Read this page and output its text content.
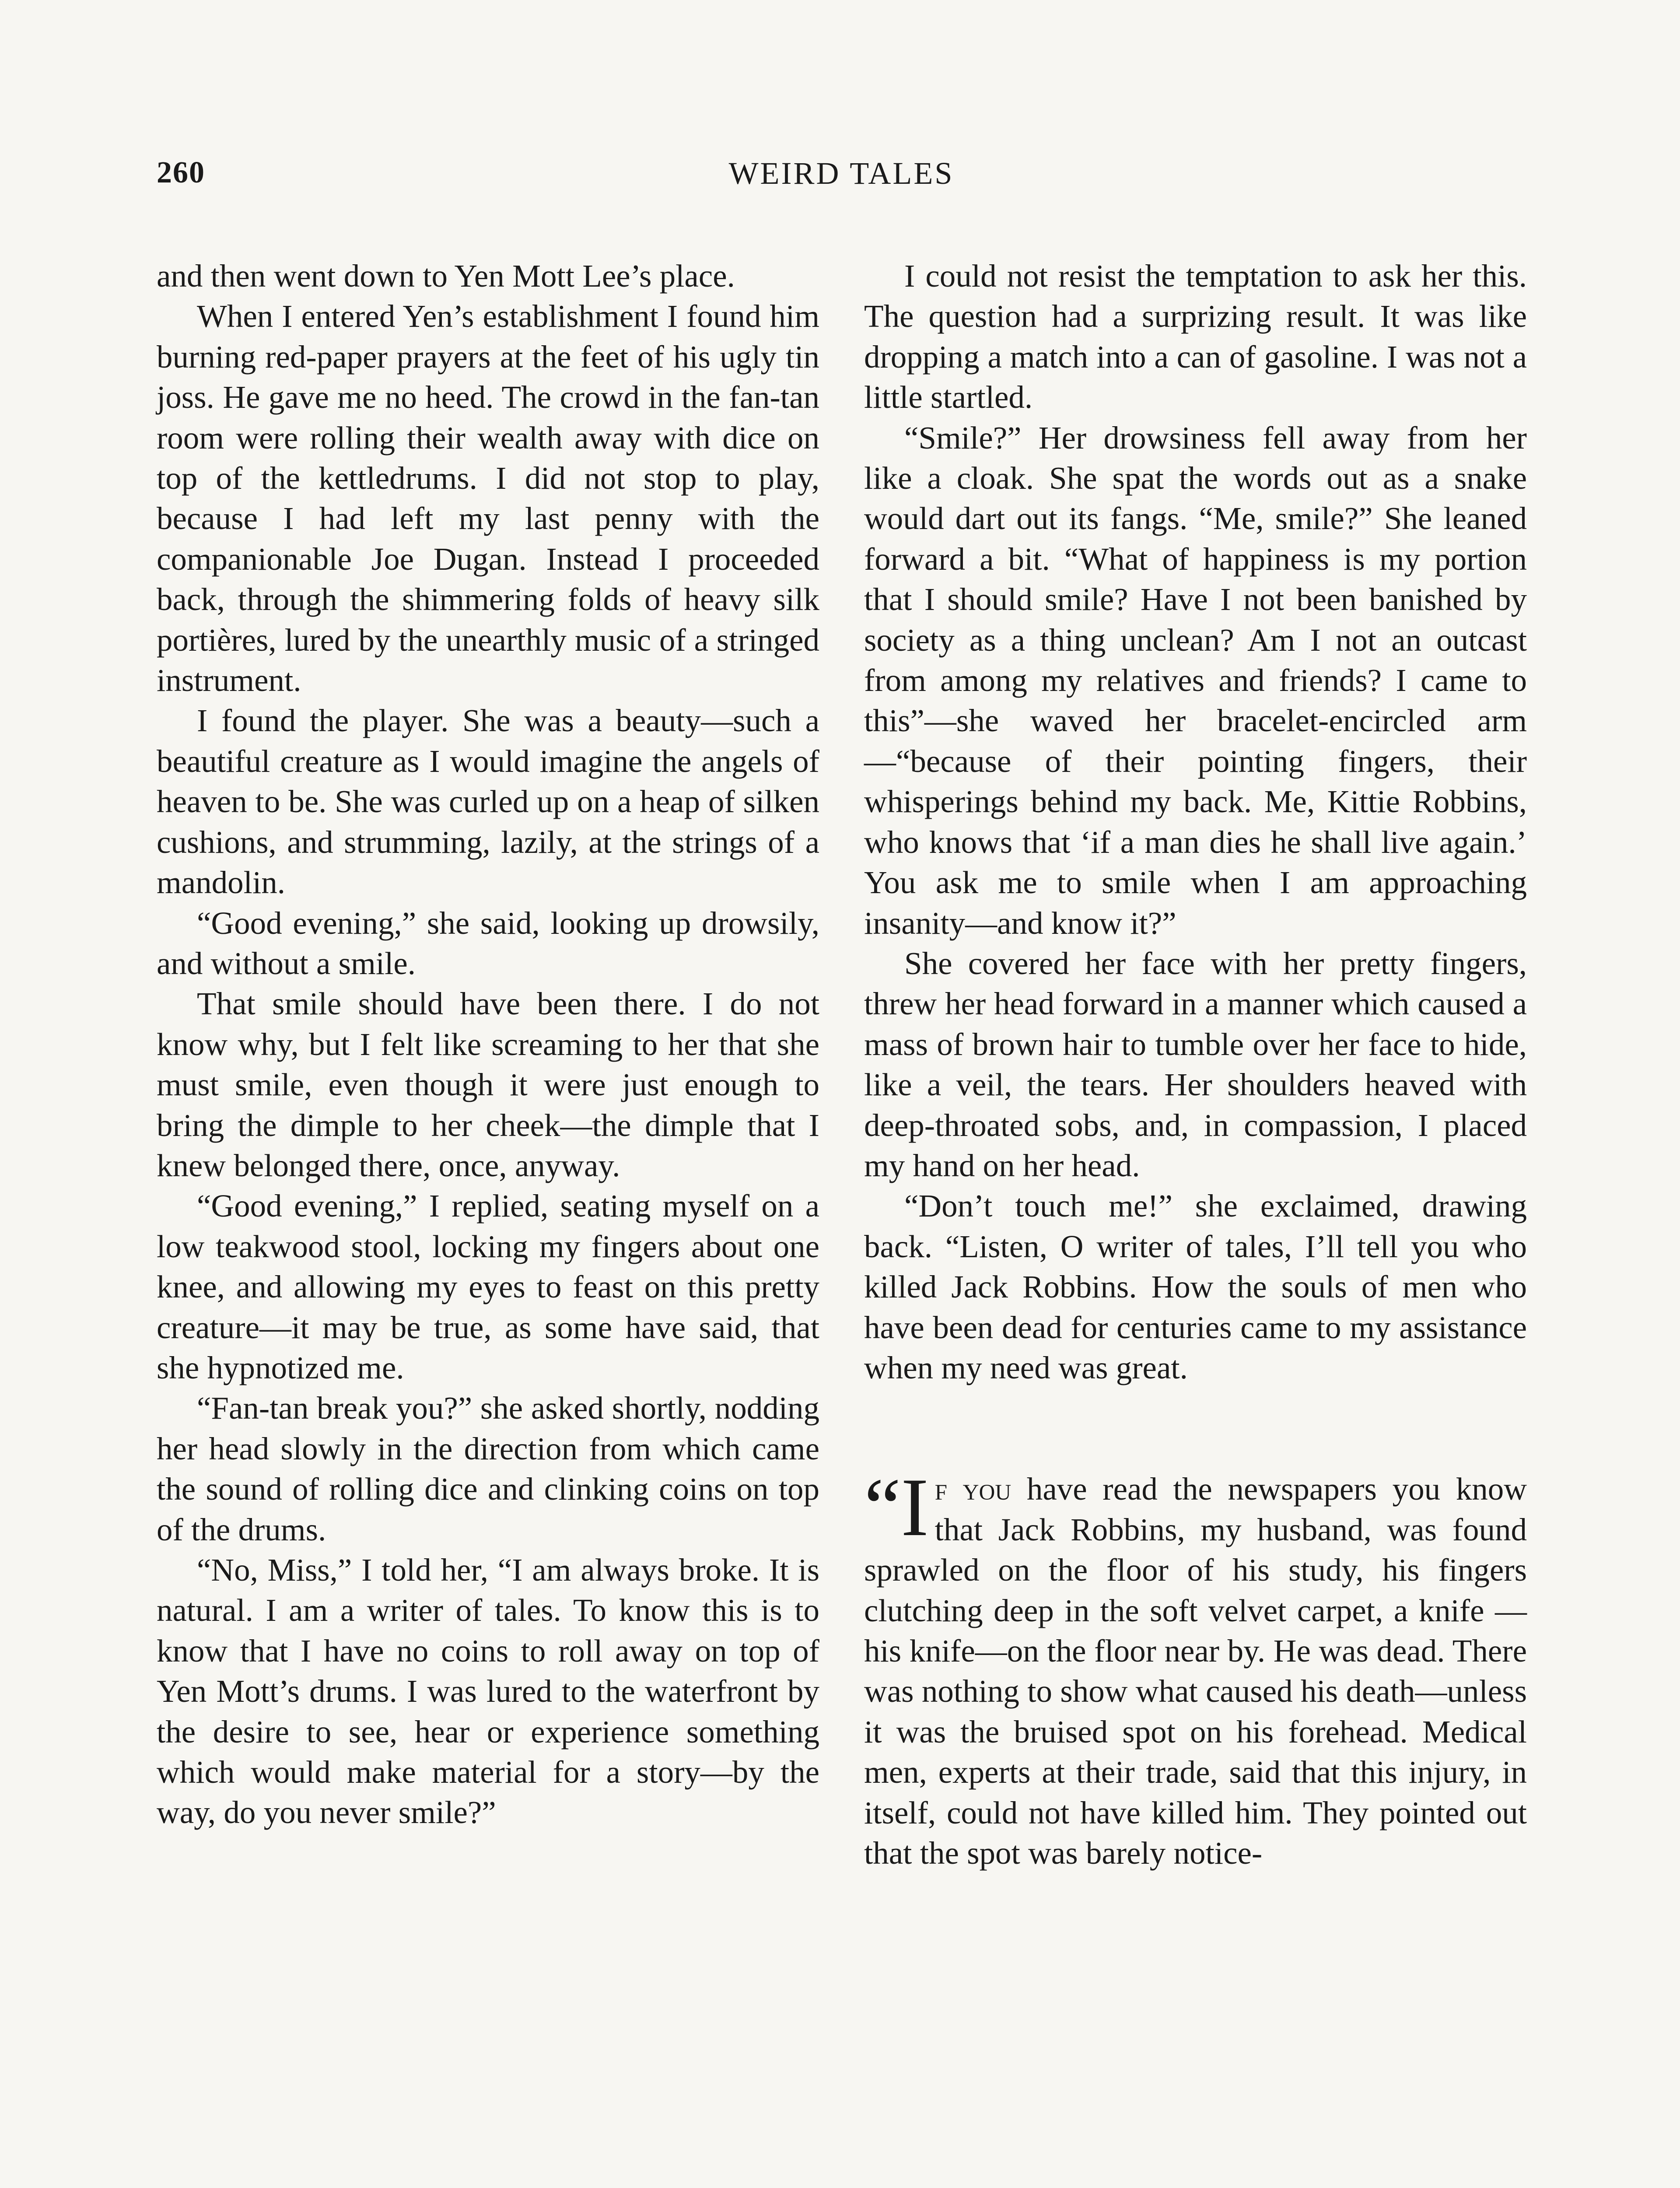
260	WEIRD TALES

and then went down to Yen Mott Lee’s place.

When I entered Yen’s establishment I found him burning red-paper prayers at the feet of his ugly tin joss. He gave me no heed. The crowd in the fan-tan room were rolling their wealth away with dice on top of the kettledrums. I did not stop to play, because I had left my last penny with the companionable Joe Dugan. Instead I proceeded back, through the shimmering folds of heavy silk portières, lured by the unearthly music of a stringed instrument.

I found the player. She was a beauty—such a beautiful creature as I would imagine the angels of heaven to be. She was curled up on a heap of silken cushions, and strumming, lazily, at the strings of a mandolin.

“Good evening,” she said, looking up drowsily, and without a smile.

That smile should have been there. I do not know why, but I felt like screaming to her that she must smile, even though it were just enough to bring the dimple to her cheek—the dimple that I knew belonged there, once, anyway.

“Good evening,” I replied, seating myself on a low teakwood stool, locking my fingers about one knee, and allowing my eyes to feast on this pretty creature—it may be true, as some have said, that she hypnotized me.

“Fan-tan break you?” she asked shortly, nodding her head slowly in the direction from which came the sound of rolling dice and clinking coins on top of the drums.

“No, Miss,” I told her, “I am always broke. It is natural. I am a writer of tales. To know this is to know that I have no coins to roll away on top of Yen Mott’s drums. I was lured to the waterfront by the desire to see, hear or experience something which would make material for a story—by the way, do you never smile?”

I could not resist the temptation to ask her this. The question had a surprizing result. It was like dropping a match into a can of gasoline. I was not a little startled.

“Smile?” Her drowsiness fell away from her like a cloak. She spat the words out as a snake would dart out its fangs. “Me, smile?” She leaned forward a bit. “What of happiness is my portion that I should smile? Have I not been banished by society as a thing unclean? Am I not an outcast from among my relatives and friends? I came to this”—she waved her bracelet-encircled arm—“because of their pointing fingers, their whisperings behind my back. Me, Kittie Robbins, who knows that ‘if a man dies he shall live again.’ You ask me to smile when I am approaching insanity—and know it?”

She covered her face with her pretty fingers, threw her head forward in a manner which caused a mass of brown hair to tumble over her face to hide, like a veil, the tears. Her shoulders heaved with deep-throated sobs, and, in compassion, I placed my hand on her head.

“Don’t touch me!” she exclaimed, drawing back. “Listen, O writer of tales, I’ll tell you who killed Jack Robbins. How the souls of men who have been dead for centuries came to my assistance when my need was great.

“I f you have read the newspapers you know that Jack Robbins, my husband, was found sprawled on the floor of his study, his fingers clutching deep in the soft velvet carpet, a knife —his knife—on the floor near by. He was dead. There was nothing to show what caused his death—unless it was the bruised spot on his forehead. Medical men, experts at their trade, said that this injury, in itself, could not have killed him. They pointed out that the spot was barely notice-
